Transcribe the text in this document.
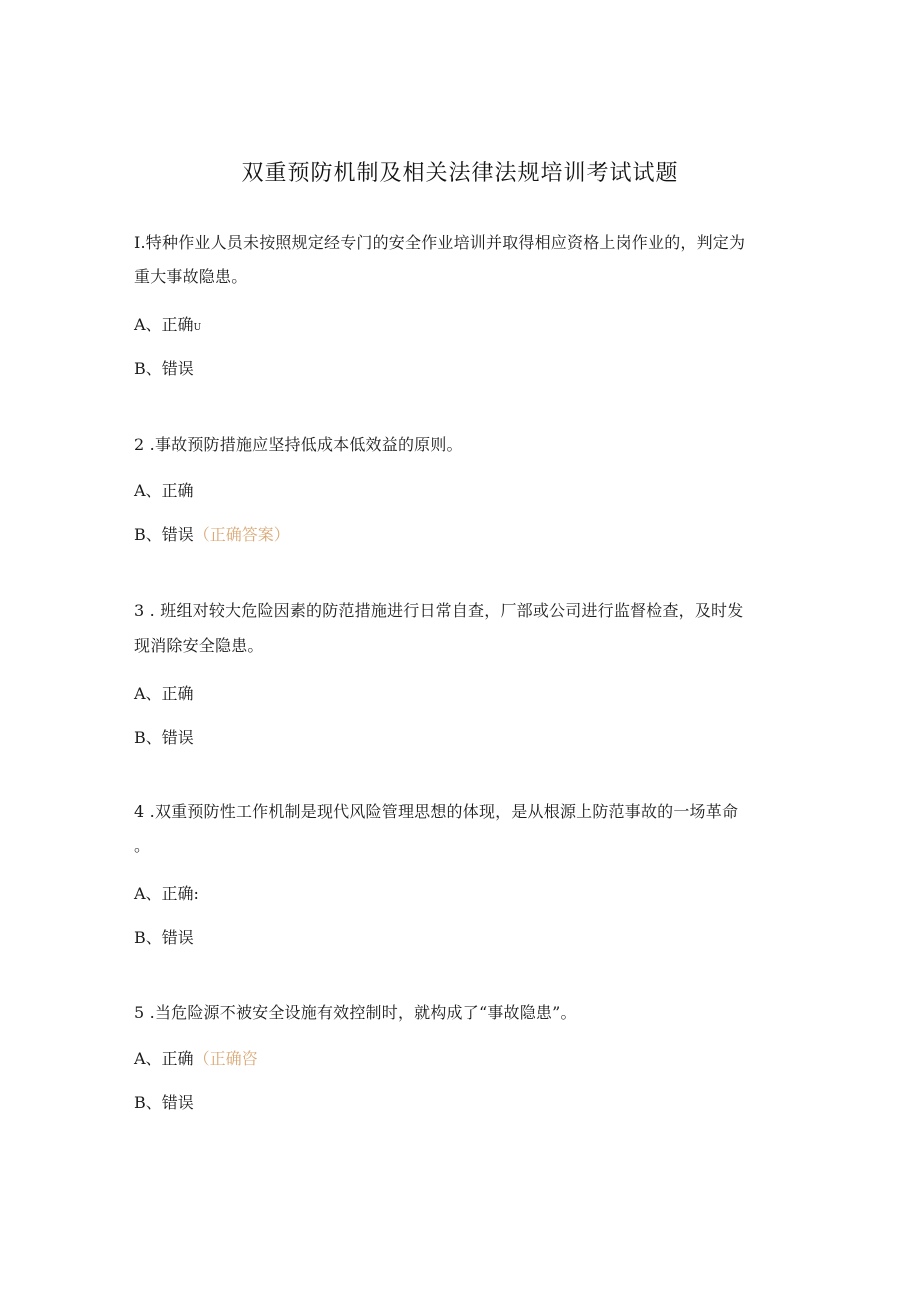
双重预防机制及相关法律法规培训考试试题
I.特种作业人员未按照规定经专门的安全作业培训并取得相应资格上岗作业的，判定为
重大事故隐患。
A、正确U
B、错误
2 .事故预防措施应坚持低成本低效益的原则。
A、正确
B、错误（正确答案）
3 . 班组对较大危险因素的防范措施进行日常自查，厂部或公司进行监督检查，及时发
现消除安全隐患。
A、正确
B、错误
4 .双重预防性工作机制是现代风险管理思想的体现，是从根源上防范事故的一场革命
。
A、正确:
B、错误
5 .当危险源不被安全设施有效控制时，就构成了“事故隐患”。
A、正确（正确咨
B、错误
